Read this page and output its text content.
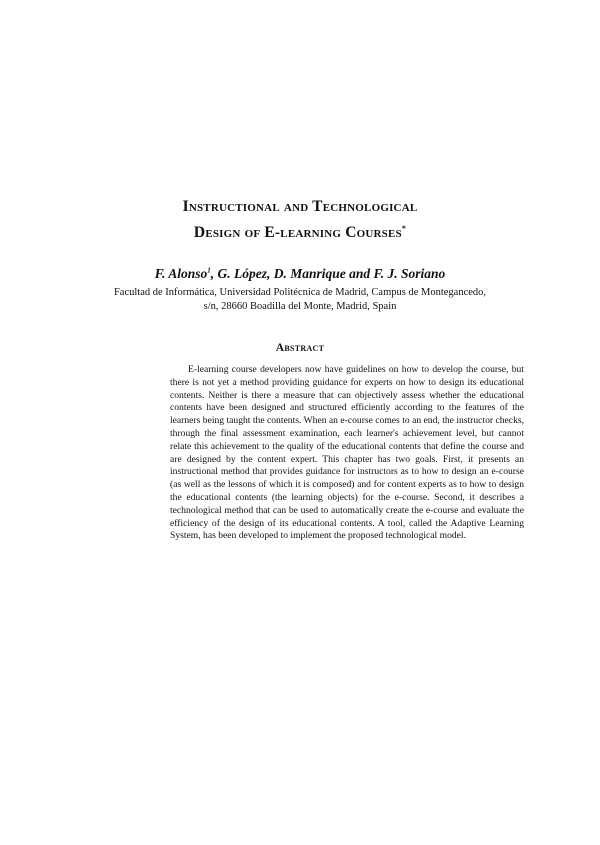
Instructional and Technological
Design of E-learning Courses*
F. Alonso$^1$, G. López, D. Manrique and F. J. Soriano
Facultad de Informática, Universidad Politécnica de Madrid, Campus de Montegancedo,
s/n, 28660 Boadilla del Monte, Madrid, Spain
Abstract
E-learning course developers now have guidelines on how to develop the course, but there is not yet a method providing guidance for experts on how to design its educational contents. Neither is there a measure that can objectively assess whether the educational contents have been designed and structured efficiently according to the features of the learners being taught the contents. When an e-course comes to an end, the instructor checks, through the final assessment examination, each learner's achievement level, but cannot relate this achievement to the quality of the educational contents that define the course and are designed by the content expert. This chapter has two goals. First, it presents an instructional method that provides guidance for instructors as to how to design an e-course (as well as the lessons of which it is composed) and for content experts as to how to design the educational contents (the learning objects) for the e-course. Second, it describes a technological method that can be used to automatically create the e-course and evaluate the efficiency of the design of its educational contents. A tool, called the Adaptive Learning System, has been developed to implement the proposed technological model.
